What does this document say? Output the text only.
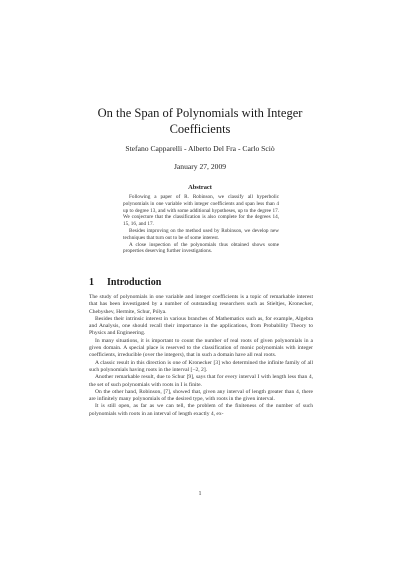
On the Span of Polynomials with Integer Coefficients
Stefano Capparelli - Alberto Del Fra - Carlo Sciò
January 27, 2009
Abstract

Following a paper of R. Robinson, we classify all hyperbolic polynomials in one variable with integer coefficients and span less than 4 up to degree 13, and with some additional hypotheses, up to the degree 17. We conjecture that the classification is also complete for the degrees 14, 15, 16, and 17.

Besides improving on the method used by Robinson, we develop new techniques that turn out to be of some interest.

A close inspection of the polynomials thus obtained shows some properties deserving further investigations.

1 Introduction

The study of polynomials in one variable and integer coefficients is a topic of remarkable interest that has been investigated by a number of outstanding researchers such as Stieltjes, Kronecker, Chebyshev, Hermite, Schur, Pólya.

Besides their intrinsic interest in various branches of Mathematics such as, for example, Algebra and Analysis, one should recall their importance in the applications, from Probability Theory to Physics and Engineering.

In many situations, it is important to count the number of real roots of given polynomials in a given domain. A special place is reserved to the classification of monic polynomials with integer coefficients, irreducible (over the integers), that in such a domain have all real roots.

A classic result in this direction is one of Kronecker [3] who determined the infinite family of all such polynomials having roots in the interval [−2, 2].

Another remarkable result, due to Schur [9], says that for every interval I with length less than 4, the set of such polynomials with roots in I is finite.

On the other hand, Robinson, [7], showed that, given any interval of length greater than 4, there are infinitely many polynomials of the desired type, with roots in the given interval.

It is still open, as far as we can tell, the problem of the finiteness of the number of such polynomials with roots in an interval of length exactly 4, ex-

1
